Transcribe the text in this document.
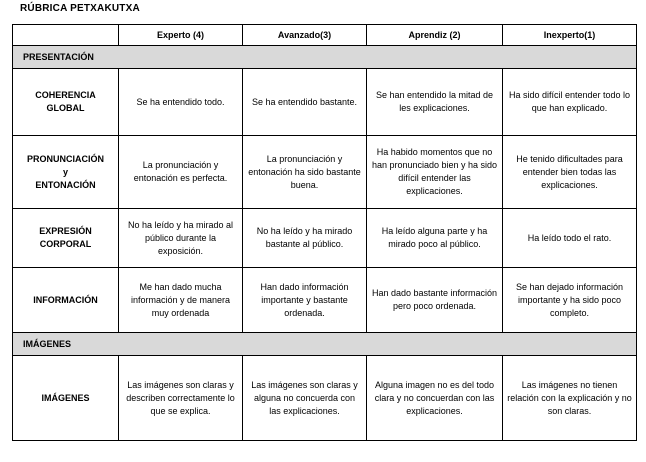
RÚBRICA PETXAKUTXA
	Experto (4)	Avanzado(3)	Aprendiz (2)	Inexperto(1)
PRESENTACIÓN				

COHERENCIA
GLOBAL	Se ha entendido todo.	Se ha entendido bastante.	Se han entendido la mitad de les explicaciones.	Ha sido difícil entender todo lo que han explicado.

PRONUNCIACIÓN
y
ENTONACIÓN	La pronunciación y entonación es perfecta.	La pronunciación y entonación ha sido bastante buena.	Ha habido momentos que no han pronunciado bien y ha sido difícil entender las explicaciones.	He tenido dificultades para entender bien todas las explicaciones.

EXPRESIÓN
CORPORAL	No ha leído y ha mirado al público durante la exposición.	No ha leído y ha mirado bastante al público.	Ha leído alguna parte y ha mirado poco al público.	Ha leído todo el rato.

INFORMACIÓN	Me han dado mucha información y de manera muy ordenada	Han dado información importante y bastante ordenada.	Han dado bastante información pero poco ordenada.	Se han dejado información importante y ha sido poco completo.
IMÁGENES				

IMÁGENES	Las imágenes son claras y describen correctamente lo que se explica.	Las imágenes son claras y alguna no concuerda con las explicaciones.	Alguna imagen no es del todo clara y no concuerdan con las explicaciones.	Las imágenes no tienen relación con la explicación y no son claras.
